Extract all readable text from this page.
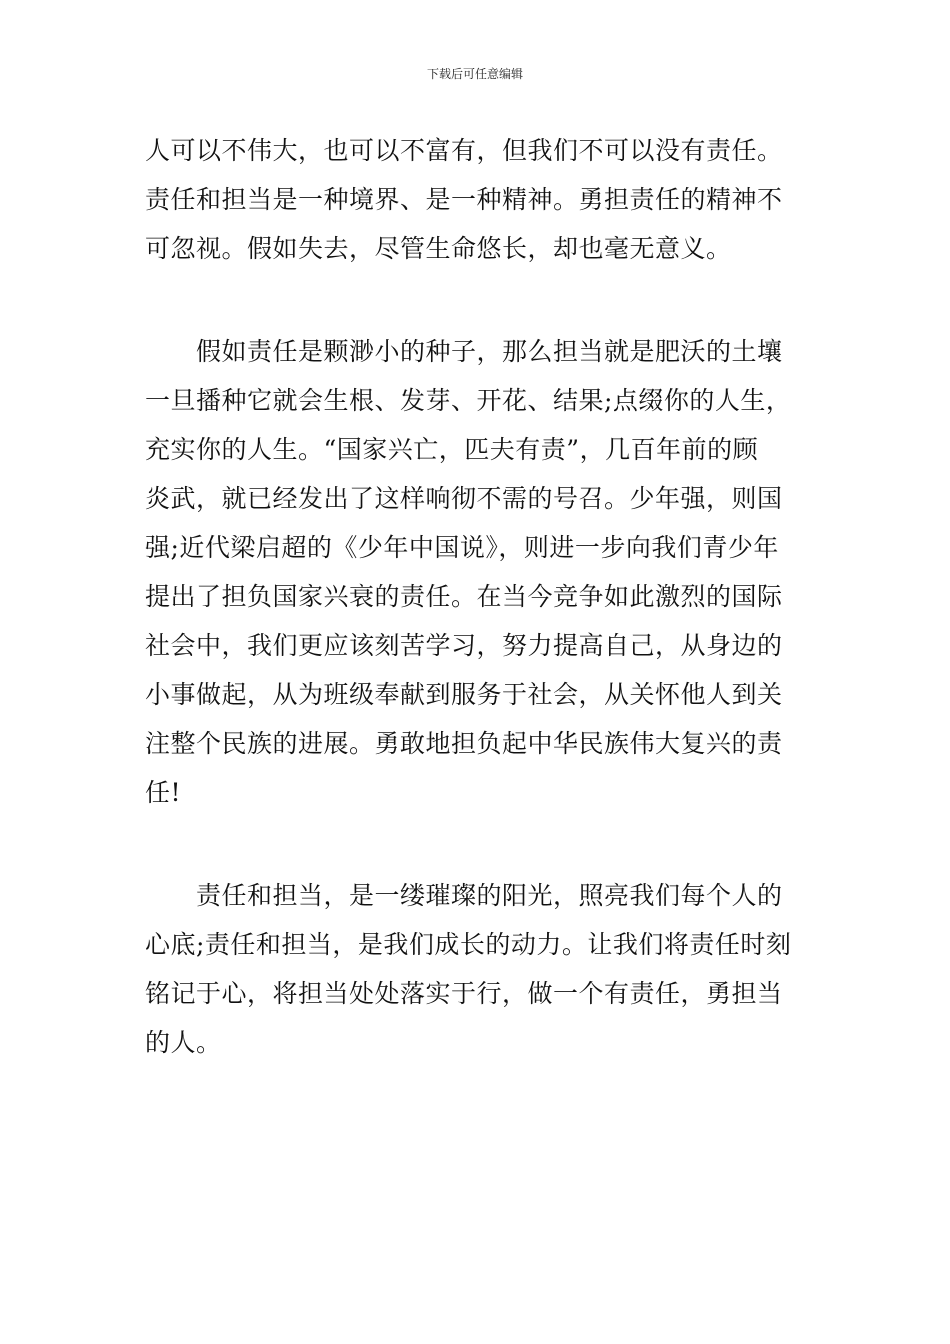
下载后可任意编辑

人可以不伟大，也可以不富有，但我们不可以没有责任。
责任和担当是一种境界、是一种精神。勇担责任的精神不
可忽视。假如失去，尽管生命悠长，却也毫无意义。

　　假如责任是颗渺小的种子，那么担当就是肥沃的土壤
一旦播种它就会生根、发芽、开花、结果;点缀你的人生，
充实你的人生。“国家兴亡，匹夫有责”，几百年前的顾
炎武，就已经发出了这样响彻不需的号召。少年强，则国
强;近代梁启超的《少年中国说》，则进一步向我们青少年
提出了担负国家兴衰的责任。在当今竞争如此激烈的国际
社会中，我们更应该刻苦学习，努力提高自己，从身边的
小事做起，从为班级奉献到服务于社会，从关怀他人到关
注整个民族的进展。勇敢地担负起中华民族伟大复兴的责
任!

　　责任和担当，是一缕璀璨的阳光，照亮我们每个人的
心底;责任和担当，是我们成长的动力。让我们将责任时刻
铭记于心，将担当处处落实于行，做一个有责任，勇担当
的人。
